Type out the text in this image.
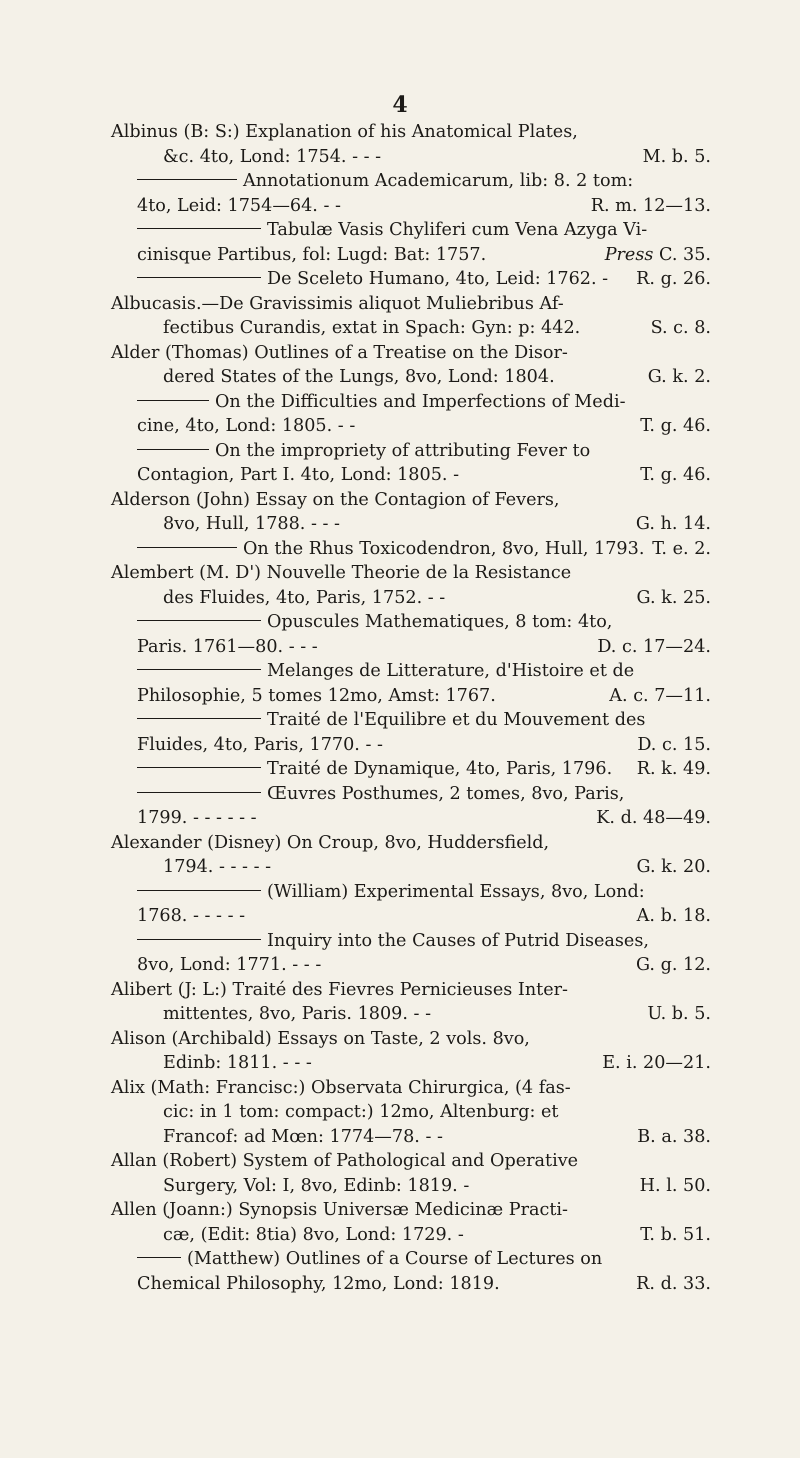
4
Albinus (B: S:) Explanation of his Anatomical Plates,
&c. 4to, Lond: 1754. - - -	M. b. 5.
Annotationum Academicarum, lib: 8. 2 tom:
4to, Leid: 1754—64. - -	R. m. 12—13.
Tabulæ Vasis Chyliferi cum Vena Azyga Vi-
cinisque Partibus, fol: Lugd: Bat: 1757.	Press C. 35.
De Sceleto Humano, 4to, Leid: 1762. - R. g. 26.
Albucasis.—De Gravissimis aliquot Muliebribus Af-
fectibus Curandis, extat in Spach: Gyn: p: 442.	S. c. 8.
Alder (Thomas) Outlines of a Treatise on the Disor-
dered States of the Lungs, 8vo, Lond: 1804.	G. k. 2.
On the Difficulties and Imperfections of Medi-
cine, 4to, Lond: 1805. - -	T. g. 46.
On the impropriety of attributing Fever to
Contagion, Part I. 4to, Lond: 1805. -	T. g. 46.
Alderson (John) Essay on the Contagion of Fevers,
8vo, Hull, 1788. - - -	G. h. 14.
On the Rhus Toxicodendron, 8vo, Hull, 1793. T. e. 2.
Alembert (M. D') Nouvelle Theorie de la Resistance
des Fluides, 4to, Paris, 1752. - -	G. k. 25.
Opuscules Mathematiques, 8 tom: 4to,
Paris. 1761—80. - - -	D. c. 17—24.
Melanges de Litterature, d'Histoire et de
Philosophie, 5 tomes 12mo, Amst: 1767.	A. c. 7—11.
Traité de l'Equilibre et du Mouvement des
Fluides, 4to, Paris, 1770. - -	D. c. 15.
Traité de Dynamique, 4to, Paris, 1796. R. k. 49.
Œuvres Posthumes, 2 tomes, 8vo, Paris,
1799. - - - - - -	K. d. 48—49.
Alexander (Disney) On Croup, 8vo, Huddersfield,
1794. - - - - -	G. k. 20.
(William) Experimental Essays, 8vo, Lond:
1768. - - - - -	A. b. 18.
Inquiry into the Causes of Putrid Diseases,
8vo, Lond: 1771. - - -	G. g. 12.
Alibert (J: L:) Traité des Fievres Pernicieuses Inter-
mittentes, 8vo, Paris. 1809. - -	U. b. 5.
Alison (Archibald) Essays on Taste, 2 vols. 8vo,
Edinb: 1811. - - -	E. i. 20—21.
Alix (Math: Francisc:) Observata Chirurgica, (4 fas-
cic: in 1 tom: compact:) 12mo, Altenburg: et
Francof: ad Mœn: 1774—78. - -	B. a. 38.
Allan (Robert) System of Pathological and Operative
Surgery, Vol: I, 8vo, Edinb: 1819. -	H. l. 50.
Allen (Joann:) Synopsis Universæ Medicinæ Practi-
cæ, (Edit: 8tia) 8vo, Lond: 1729. -	T. b. 51.
(Matthew) Outlines of a Course of Lectures on
Chemical Philosophy, 12mo, Lond: 1819.	R. d. 33.
